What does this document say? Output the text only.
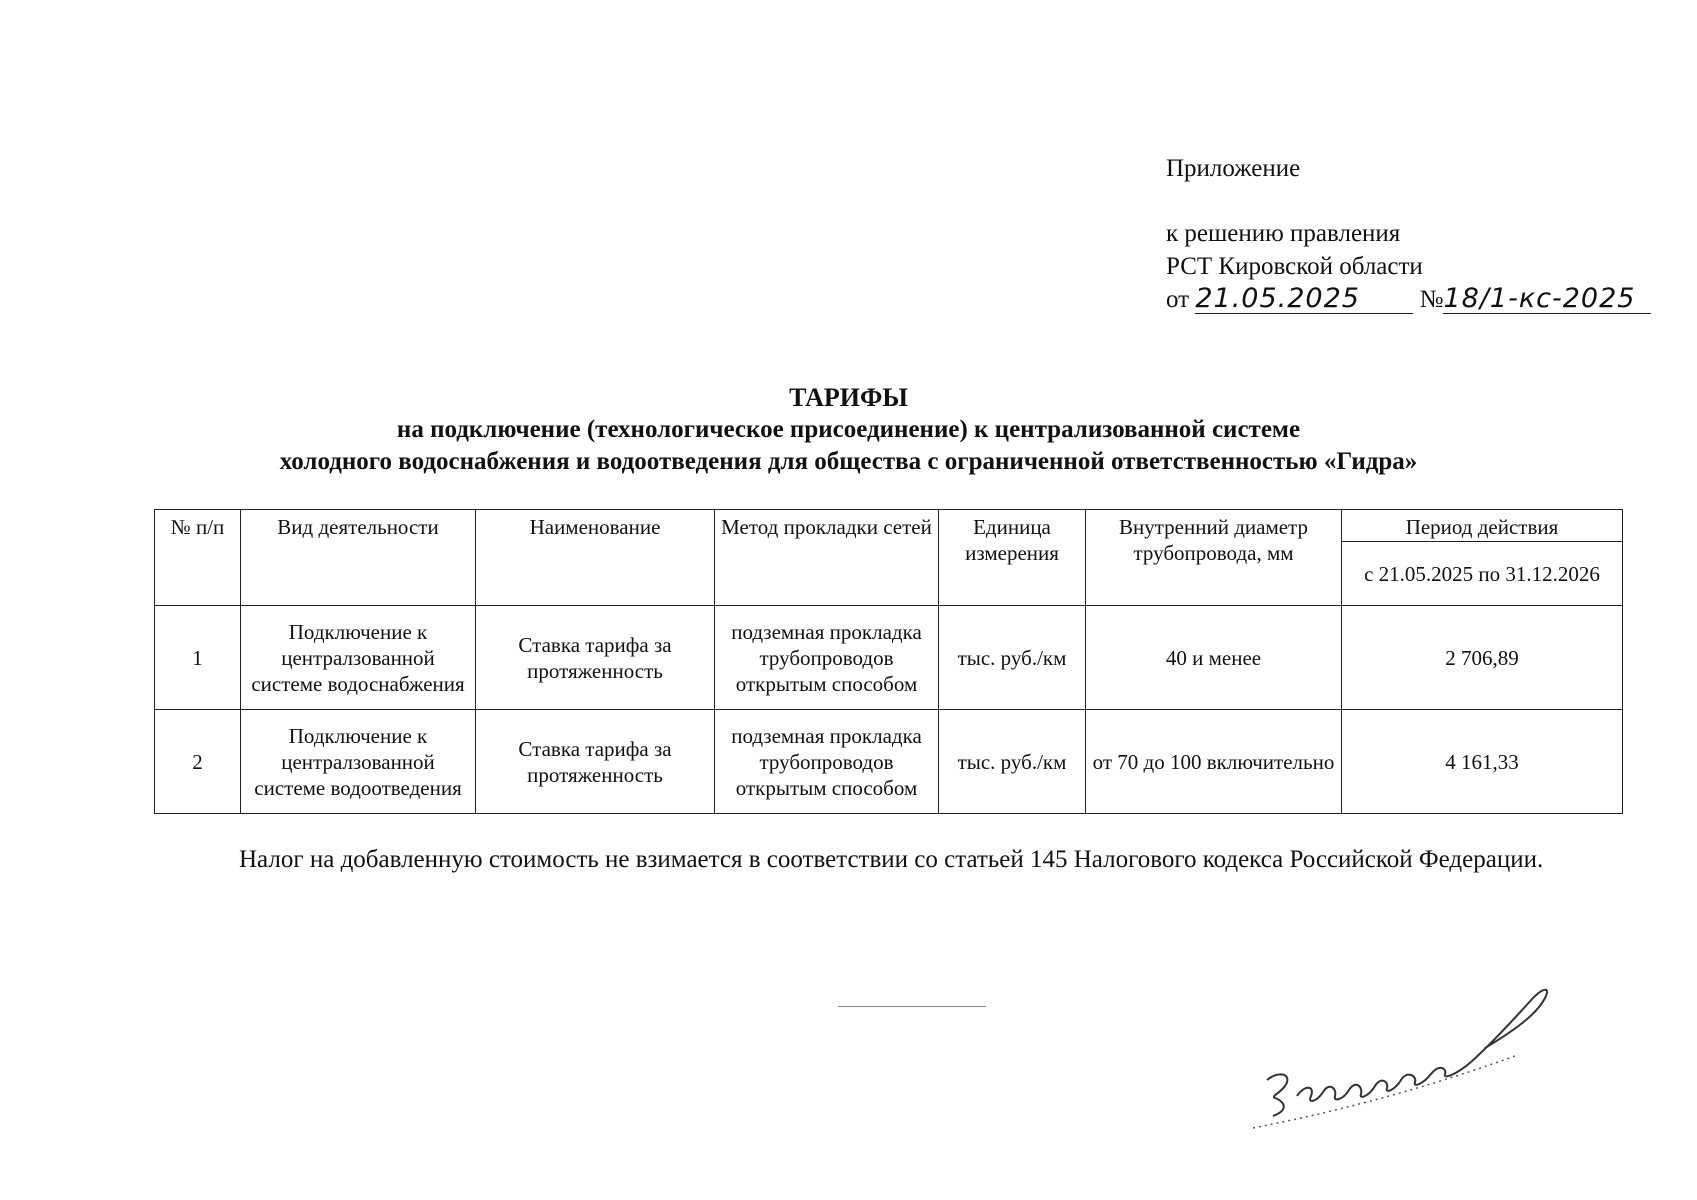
Приложение
к решению правления
РСТ Кировской области
от 21.05.2025 №18/1-кс-2025
ТАРИФЫ
на подключение (технологическое присоединение) к централизованной системе
холодного водоснабжения и водоотведения для общества с ограниченной ответственностью «Гидра»
№ п/п	Вид деятельности	Наименование	Метод прокладки сетей	Единица измерения	Внутренний диаметр трубопровода, мм	Период действия
						с 21.05.2025 по 31.12.2026
1	Подключение к централзованной системе водоснабжения	Ставка тарифа за протяженность	подземная прокладка трубопроводов открытым способом	тыс. руб./км	40 и менее	2 706,89
2	Подключение к централзованной системе водоотведения	Ставка тарифа за протяженность	подземная прокладка трубопроводов открытым способом	тыс. руб./км	от 70 до 100 включительно	4 161,33
Налог на добавленную стоимость не взимается в соответствии со статьей 145 Налогового кодекса Российской Федерации.
